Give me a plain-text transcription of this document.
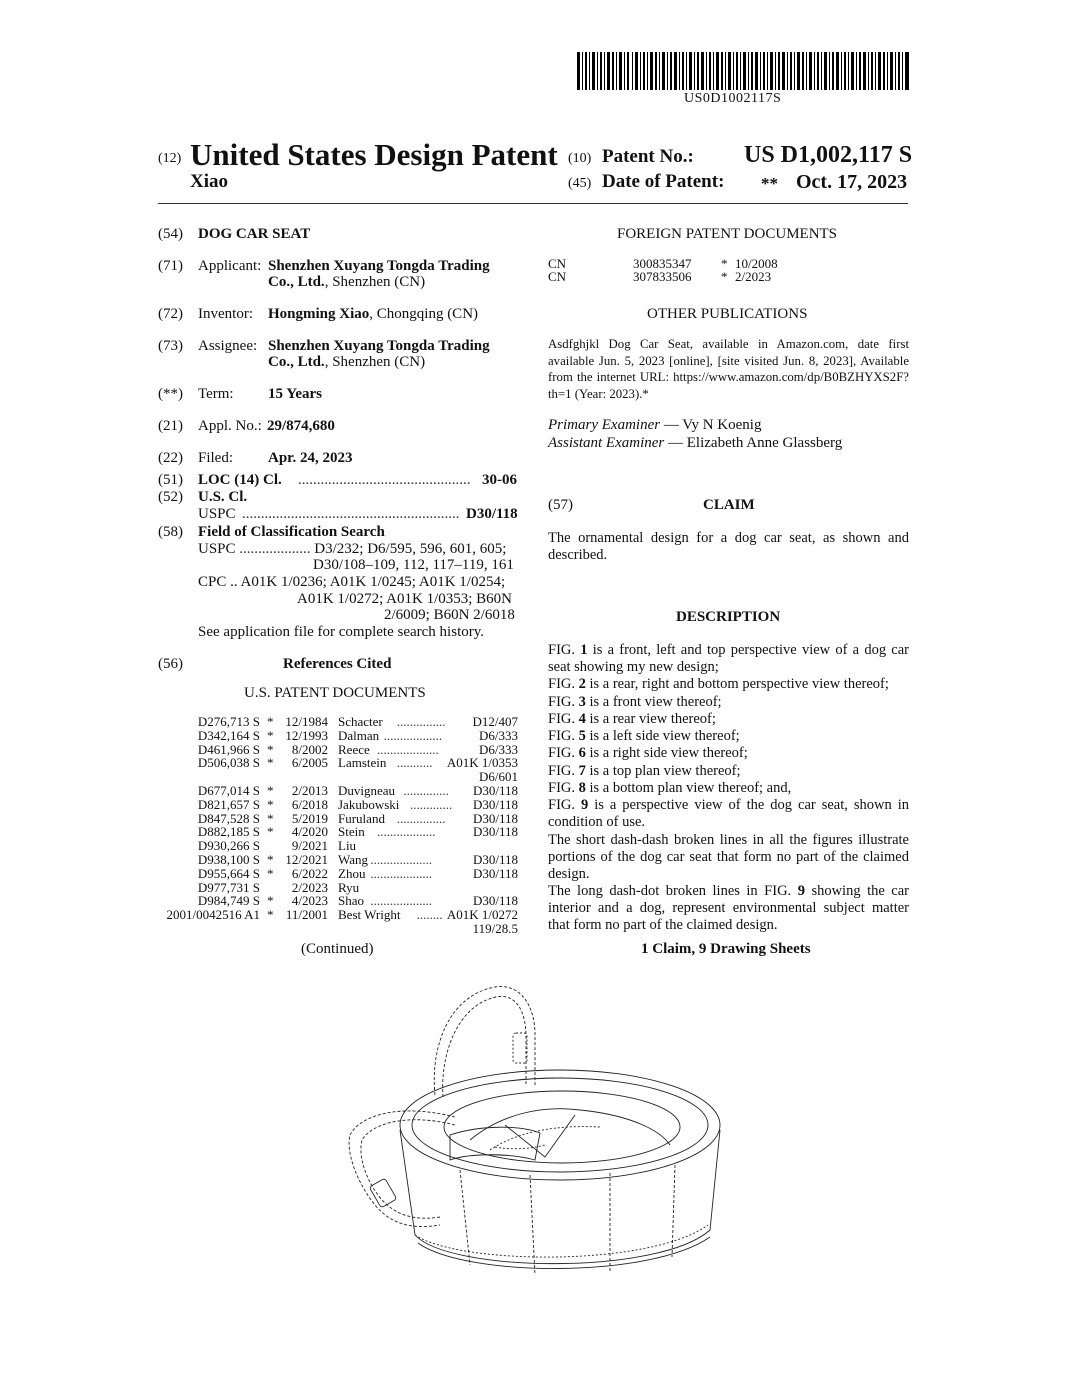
US0D1002117S
(12) United States Design Patent
Xiao
(10) Patent No.: US D1,002,117 S
(45) Date of Patent: ** Oct. 17, 2023
(54) DOG CAR SEAT
(71) Applicant: Shenzhen Xuyang Tongda Trading
Co., Ltd., Shenzhen (CN)
(72) Inventor: Hongming Xiao, Chongqing (CN)
(73) Assignee: Shenzhen Xuyang Tongda Trading
Co., Ltd., Shenzhen (CN)
(**) Term: 15 Years
(21) Appl. No.: 29/874,680
(22) Filed: Apr. 24, 2023
(51) LOC (14) Cl. .............................................. 30-06
(52) U.S. Cl.
USPC .......................................................... D30/118
(58) Field of Classification Search
USPC ................... D3/232; D6/595, 596, 601, 605;
D30/108–109, 112, 117–119, 161
CPC .. A01K 1/0236; A01K 1/0245; A01K 1/0254;
A01K 1/0272; A01K 1/0353; B60N
2/6009; B60N 2/6018
See application file for complete search history.
(56)	References Cited
U.S. PATENT DOCUMENTS
D276,713 S * 12/1984 Schacter ............... D12/407
D342,164 S * 12/1993 Dalman ..................	D6/333
D461,966 S * 8/2002 Reece ...................	D6/333
D506,038 S * 6/2005 Lamstein ........... A01K 1/0353
D6/601
D677,014 S * 2/2013 Duvigneau .............. D30/118
D821,657 S * 6/2018 Jakubowski ............. D30/118
D847,528 S * 5/2019 Furuland ............... D30/118
D882,185 S * 4/2020 Stein ..................	D30/118
D930,266 S 9/2021 Liu
D938,100 S * 12/2021 Wang ...................	D30/118
D955,664 S * 6/2022 Zhou ...................	D30/118
D977,731 S 2/2023 Ryu
D984,749 S * 4/2023 Shao ...................	D30/118
2001/0042516 A1 * 11/2001 Best Wright ........ A01K 1/0272
119/28.5
(Continued)
FOREIGN PATENT DOCUMENTS
CN	300835347 * 10/2008
CN	307833506 * 2/2023
OTHER PUBLICATIONS
Asdfghjkl Dog Car Seat, available in Amazon.com, date first available Jun. 5, 2023 [online], [site visited Jun. 8, 2023], Available from the internet URL: https://www.amazon.com/dp/B0BZHYXS2F?th=1 (Year: 2023).*
Primary Examiner — Vy N Koenig
Assistant Examiner — Elizabeth Anne Glassberg
(57)	CLAIM
The ornamental design for a dog car seat, as shown and described.
DESCRIPTION
FIG. 1 is a front, left and top perspective view of a dog car seat showing my new design;
FIG. 2 is a rear, right and bottom perspective view thereof;
FIG. 3 is a front view thereof;
FIG. 4 is a rear view thereof;
FIG. 5 is a left side view thereof;
FIG. 6 is a right side view thereof;
FIG. 7 is a top plan view thereof;
FIG. 8 is a bottom plan view thereof; and,
FIG. 9 is a perspective view of the dog car seat, shown in condition of use.
The short dash-dash broken lines in all the figures illustrate portions of the dog car seat that form no part of the claimed design.
The long dash-dot broken lines in FIG. 9 showing the car interior and a dog, represent environmental subject matter that form no part of the claimed design.
1 Claim, 9 Drawing Sheets
